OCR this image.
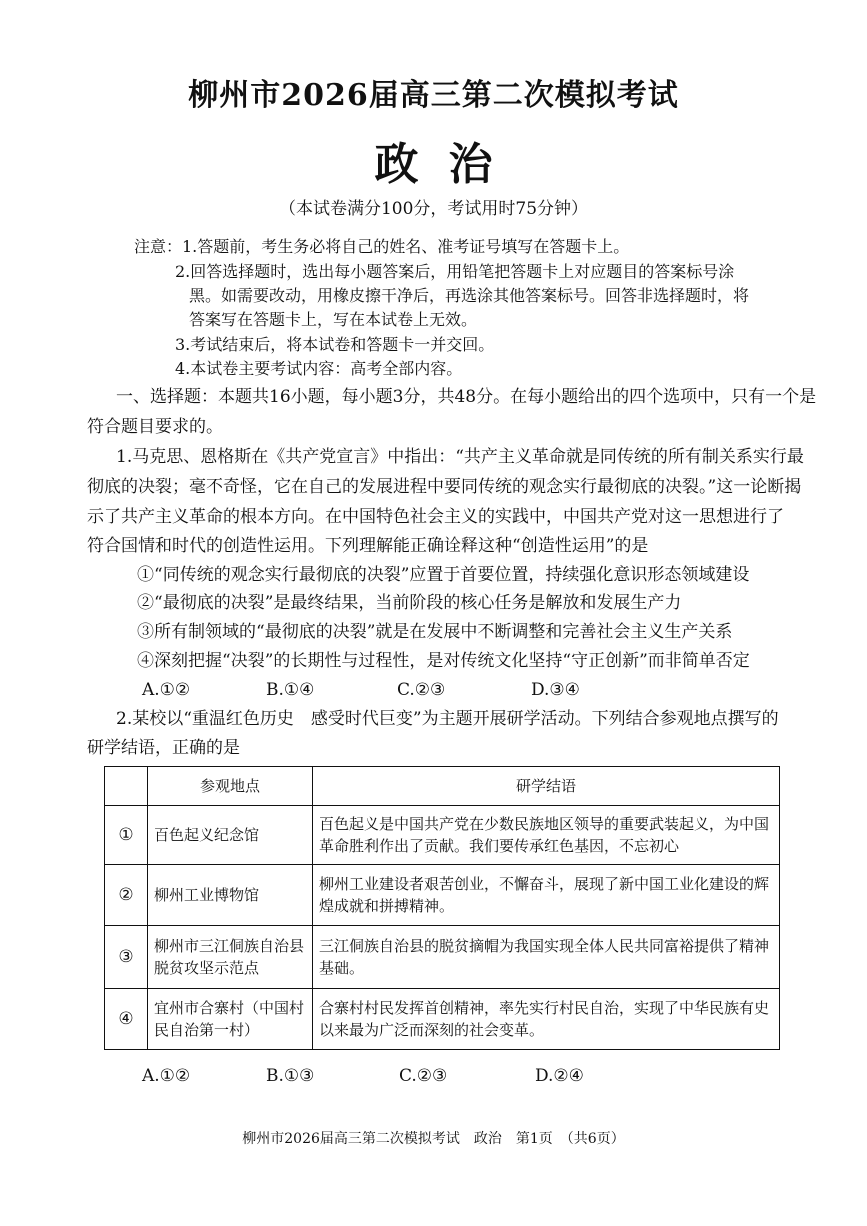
柳州市2026届高三第二次模拟考试
政治
（本试卷满分100分，考试用时75分钟）
注意：1.答题前，考生务必将自己的姓名、准考证号填写在答题卡上。
2.回答选择题时，选出每小题答案后，用铅笔把答题卡上对应题目的答案标号涂
黑。如需要改动，用橡皮擦干净后，再选涂其他答案标号。回答非选择题时，将
答案写在答题卡上，写在本试卷上无效。
3.考试结束后，将本试卷和答题卡一并交回。
4.本试卷主要考试内容：高考全部内容。
一、选择题：本题共16小题，每小题3分，共48分。在每小题给出的四个选项中，只有一个是
符合题目要求的。
1.马克思、恩格斯在《共产党宣言》中指出：“共产主义革命就是同传统的所有制关系实行最
彻底的决裂；毫不奇怪，它在自己的发展进程中要同传统的观念实行最彻底的决裂。”这一论断揭
示了共产主义革命的根本方向。在中国特色社会主义的实践中，中国共产党对这一思想进行了
符合国情和时代的创造性运用。下列理解能正确诠释这种“创造性运用”的是
①“同传统的观念实行最彻底的决裂”应置于首要位置，持续强化意识形态领域建设
②“最彻底的决裂”是最终结果，当前阶段的核心任务是解放和发展生产力
③所有制领域的“最彻底的决裂”就是在发展中不断调整和完善社会主义生产关系
④深刻把握“决裂”的长期性与过程性，是对传统文化坚持“守正创新”而非简单否定
A.①②	B.①④	C.②③	D.③④
2.某校以“重温红色历史　感受时代巨变”为主题开展研学活动。下列结合参观地点撰写的
研学结语，正确的是
	参观地点	研学结语
①	百色起义纪念馆	百色起义是中国共产党在少数民族地区领导的重要武装起义，为中国革命胜利作出了贡献。我们要传承红色基因，不忘初心
②	柳州工业博物馆	柳州工业建设者艰苦创业，不懈奋斗，展现了新中国工业化建设的辉煌成就和拼搏精神。
③	柳州市三江侗族自治县脱贫攻坚示范点	三江侗族自治县的脱贫摘帽为我国实现全体人民共同富裕提供了精神基础。
④	宜州市合寨村（中国村民自治第一村）	合寨村村民发挥首创精神，率先实行村民自治，实现了中华民族有史以来最为广泛而深刻的社会变革。
A.①②	B.①③	C.②③	D.②④
柳州市2026届高三第二次模拟考试　政治　第1页　（共6页）
